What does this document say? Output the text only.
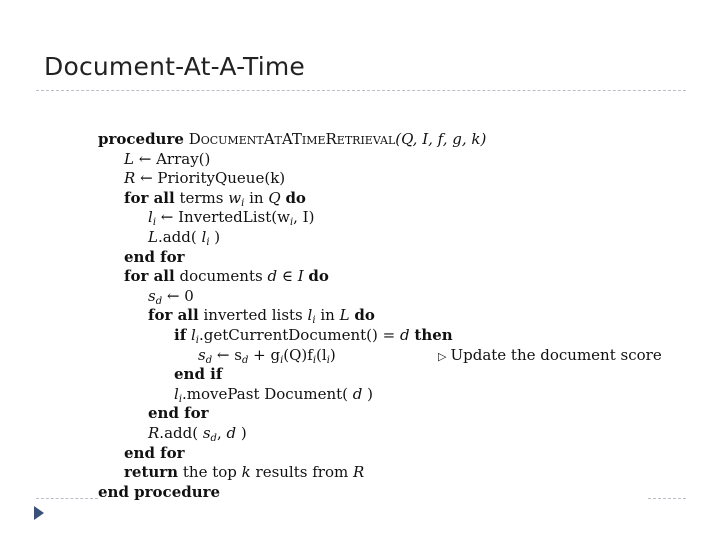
Document-At-A-Time
procedure DocumentAtATimeRetrieval(Q, I, f, g, k)
L ← Array()
R ← PriorityQueue(k)
for all terms $w_i$ in Q do
$l_i$ ← $InvertedList(w_i$, I)
L.add( $l_i$ )
end for
for all documents d ∈ I do
$s_d$ ← 0
for all inverted lists $l_i$ in L do
if $l_i.getCurrentDocument() = d$ then
$s_d$ ← $s_d + g_i(Q)f_i(l_i)$	▷ Update the document score
end if
$l_i.movePast$ Document( d )
end for
R.add( $s_d$, d )
end for
return the top k results from R
end procedure
